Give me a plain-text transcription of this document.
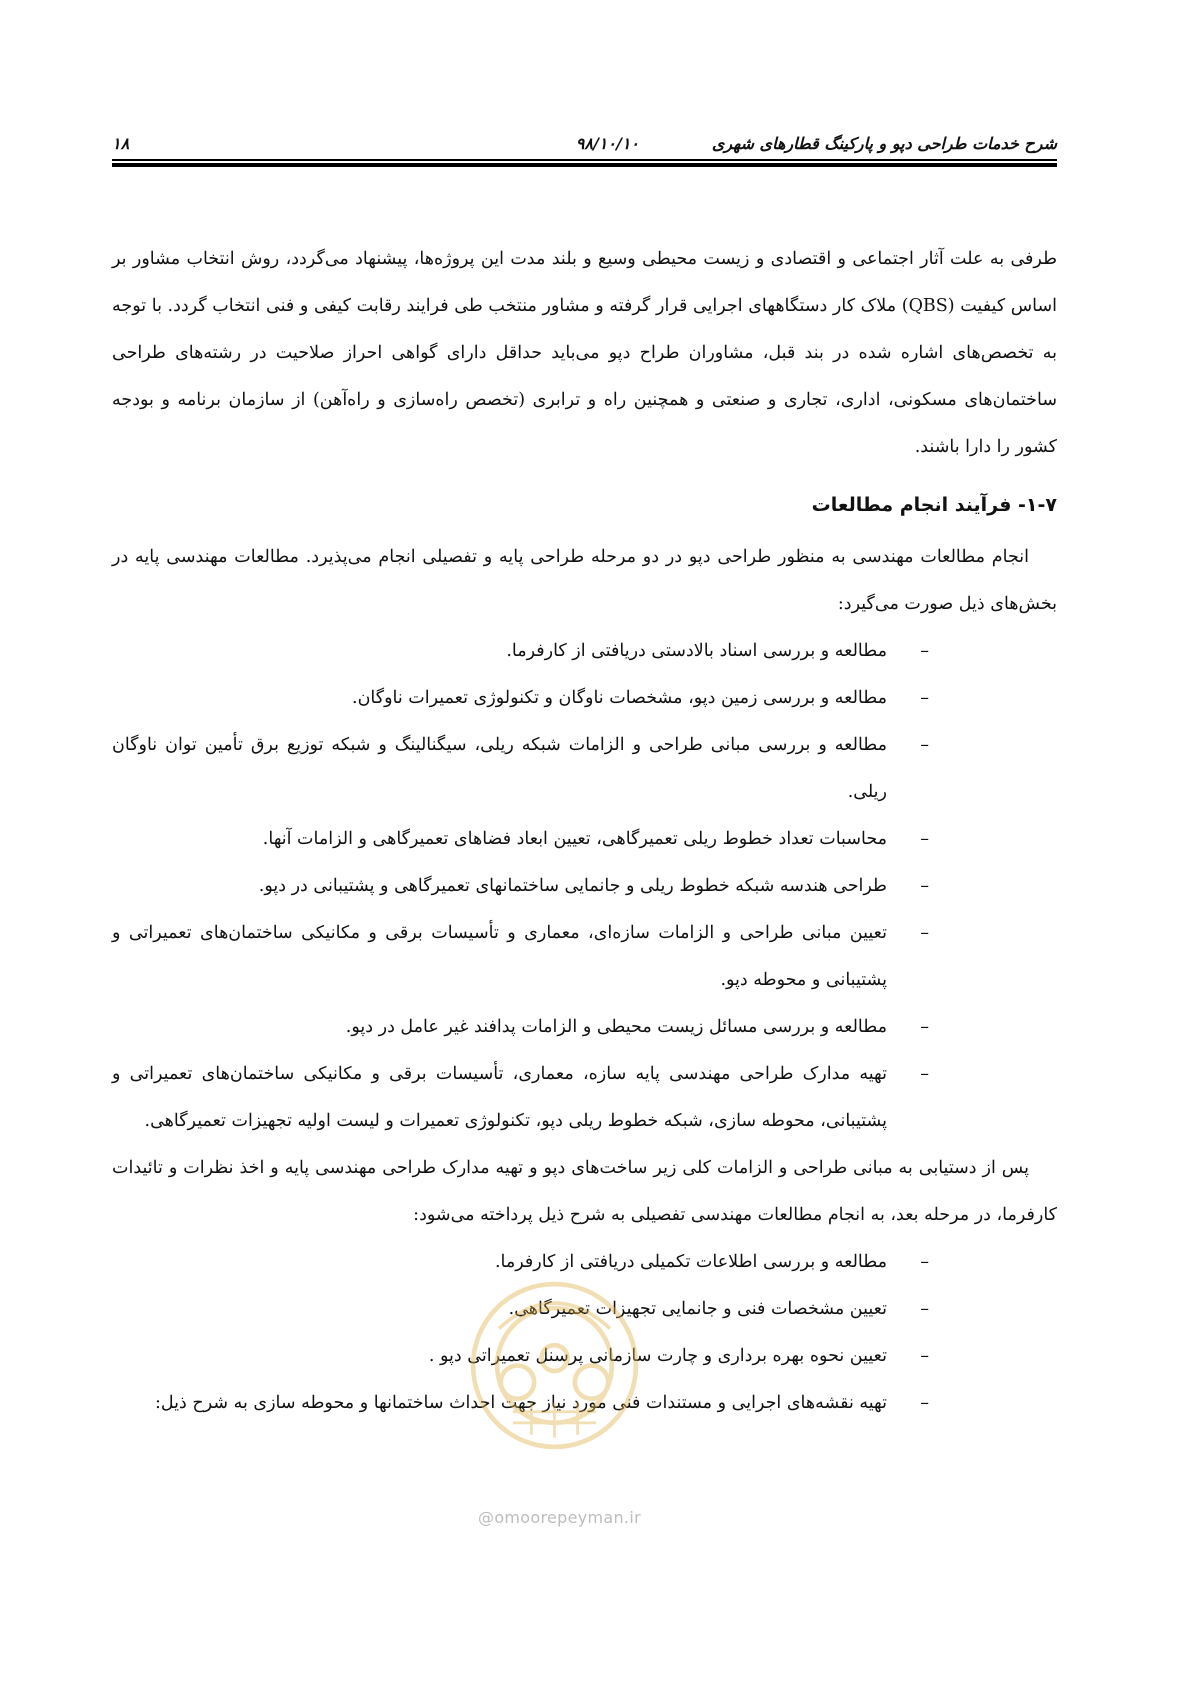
شرح خدمات طراحی دپو و پارکینگ قطارهای شهری
۹۸/۱۰/۱۰
۱۸

طرفی به علت آثار اجتماعی و اقتصادی و زیست محیطی وسیع و بلند مدت این پروژه‌ها، پیشنهاد می‌گردد، روش انتخاب مشاور بر اساس کیفیت (QBS) ملاک کار دستگاههای اجرایی قرار گرفته و مشاور منتخب طی فرایند رقابت کیفی و فنی انتخاب گردد. با توجه به تخصص‌های اشاره شده در بند قبل، مشاوران طراح دپو می‌باید حداقل دارای گواهی احراز صلاحیت در رشته‌های طراحی ساختمان‌های مسکونی، اداری، تجاری و صنعتی و همچنین راه و ترابری (تخصص راه‌سازی و راه‌آهن) از سازمان برنامه و بودجه کشور را دارا باشند.

۱-۷- فرآیند انجام مطالعات

انجام مطالعات مهندسی به منظور طراحی دپو در دو مرحله طراحی پایه و تفصیلی انجام می‌پذیرد. مطالعات مهندسی پایه در بخش‌های ذیل صورت می‌گیرد:

–
مطالعه و بررسی اسناد بالادستی دریافتی از کارفرما.
–
مطالعه و بررسی زمین دپو، مشخصات ناوگان و تکنولوژی تعمیرات ناوگان.
–
مطالعه و بررسی مبانی طراحی و الزامات شبکه ریلی، سیگنالینگ و شبکه توزیع برق تأمین توان ناوگان ریلی.
–
محاسبات تعداد خطوط ریلی تعمیرگاهی، تعیین ابعاد فضاهای تعمیرگاهی و الزامات آنها.
–
طراحی هندسه شبکه خطوط ریلی و جانمایی ساختمانهای تعمیرگاهی و پشتیبانی در دپو.
–
تعیین مبانی طراحی و الزامات سازه‌ای، معماری و تأسیسات برقی و مکانیکی ساختمان‌های تعمیراتی و پشتیبانی و محوطه دپو.
–
مطالعه و بررسی مسائل زیست محیطی و الزامات پدافند غیر عامل در دپو.
–
تهیه مدارک طراحی مهندسی پایه سازه، معماری، تأسیسات برقی و مکانیکی ساختمان‌های تعمیراتی و پشتیبانی، محوطه سازی، شبکه خطوط ریلی دپو، تکنولوژی تعمیرات و لیست اولیه تجهیزات تعمیرگاهی.

پس از دستیابی به مبانی طراحی و الزامات کلی زیر ساخت‌های دپو و تهیه مدارک طراحی مهندسی پایه و اخذ نظرات و تائیدات کارفرما، در مرحله بعد، به انجام مطالعات مهندسی تفصیلی به شرح ذیل پرداخته می‌شود:

–
مطالعه و بررسی اطلاعات تکمیلی دریافتی از کارفرما.
–
تعیین مشخصات فنی و جانمایی تجهیزات تعمیرگاهی.
–
تعیین نحوه بهره برداری و چارت سازمانی پرسنل تعمیراتی دپو .
–
تهیه نقشه‌های اجرایی و مستندات فنی مورد نیاز جهت احداث ساختمانها و محوطه سازی به شرح ذیل:
@omoorepeyman.ir
